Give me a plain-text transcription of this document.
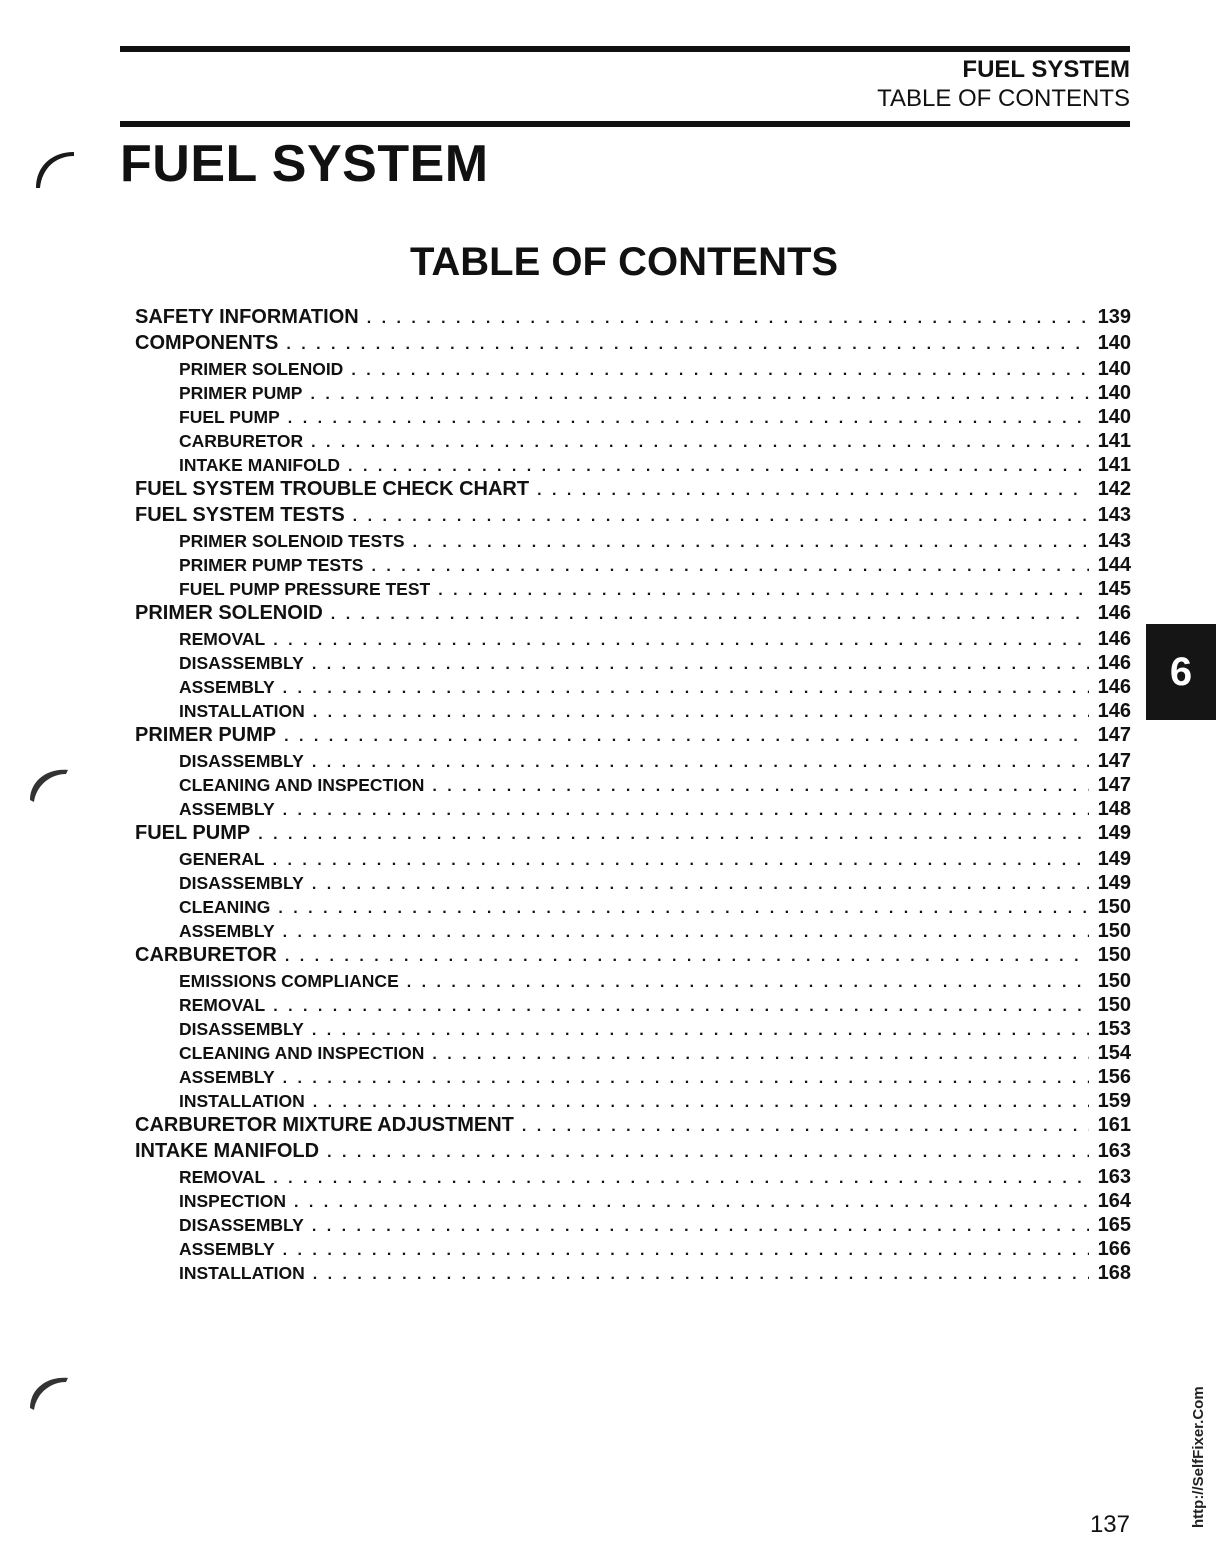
FUEL SYSTEM
TABLE OF CONTENTS
FUEL SYSTEM
TABLE OF CONTENTS
SAFETY INFORMATION . . .	139
COMPONENTS . . .	140
PRIMER SOLENOID . . .	140
PRIMER PUMP . . .	140
FUEL PUMP . . .	140
CARBURETOR . . .	141
INTAKE MANIFOLD . . .	141
FUEL SYSTEM TROUBLE CHECK CHART . . .	142
FUEL SYSTEM TESTS . . .	143
PRIMER SOLENOID TESTS . . .	143
PRIMER PUMP TESTS . . .	144
FUEL PUMP PRESSURE TEST . . .	145
PRIMER SOLENOID . . .	146
REMOVAL . . .	146
DISASSEMBLY . . .	146
ASSEMBLY . . .	146
INSTALLATION . . .	146
PRIMER PUMP . . .	147
DISASSEMBLY . . .	147
CLEANING AND INSPECTION . . .	147
ASSEMBLY . . .	148
FUEL PUMP . . .	149
GENERAL . . .	149
DISASSEMBLY . . .	149
CLEANING . . .	150
ASSEMBLY . . .	150
CARBURETOR . . .	150
EMISSIONS COMPLIANCE . . .	150
REMOVAL . . .	150
DISASSEMBLY . . .	153
CLEANING AND INSPECTION . . .	154
ASSEMBLY . . .	156
INSTALLATION . . .	159
CARBURETOR MIXTURE ADJUSTMENT . . .	161
INTAKE MANIFOLD . . .	163
REMOVAL . . .	163
INSPECTION . . .	164
DISASSEMBLY . . .	165
ASSEMBLY . . .	166
INSTALLATION . . .	168
6
137	http://SelfFixer.Com
